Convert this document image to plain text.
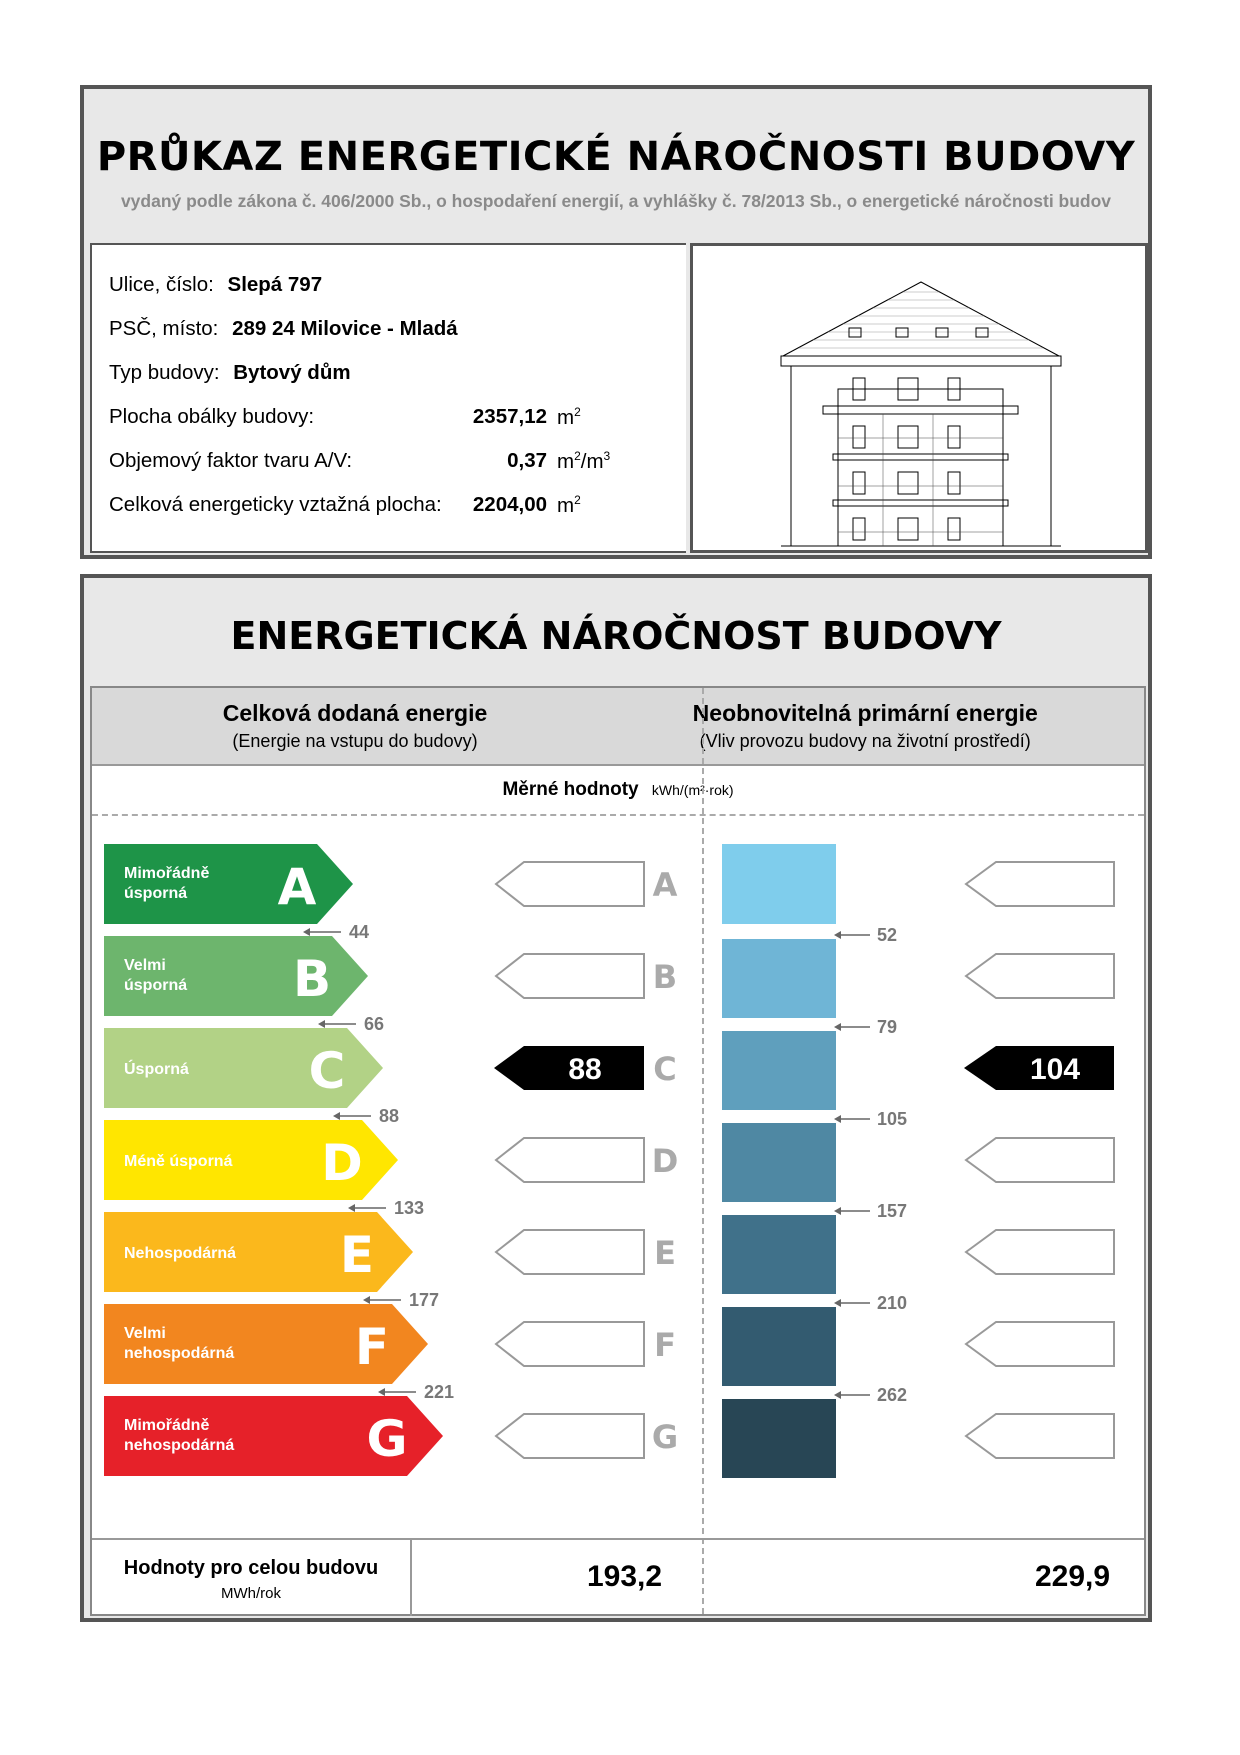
PRŮKAZ ENERGETICKÉ NÁROČNOSTI BUDOVY
vydaný podle zákona č. 406/2000 Sb., o hospodaření energií, a vyhlášky č. 78/2013 Sb., o energetické náročnosti budov
Ulice, číslo: Slepá 797
PSČ, místo: 289 24 Milovice - Mladá
Typ budovy: Bytový dům
Plocha obálky budovy:	2357,12 $m^2$
Objemový faktor tvaru A/V:	0,37 $m^2/m^3$
Celková energeticky vztažná plocha:	2204,00 $m^2$
ENERGETICKÁ NÁROČNOST BUDOVY
Celková dodaná energie
(Energie na vstupu do budovy)
Neobnovitelná primární energie
(Vliv provozu budovy na životní prostředí)
Měrné hodnoty kWh/(m²·rok)
Mimořádně
úsporná A	A
44	52
Velmi
úsporná B	B
66	79
Úsporná C	88 C	104
88	105
Méně úsporná D	D
133	157
Nehospodárná E	E
177	210
Velmi
nehospodárná F	F
221	262
Mimořádně
nehospodárná	G	G
Hodnoty pro celou budovu
MWh/rok
193,2	229,9
